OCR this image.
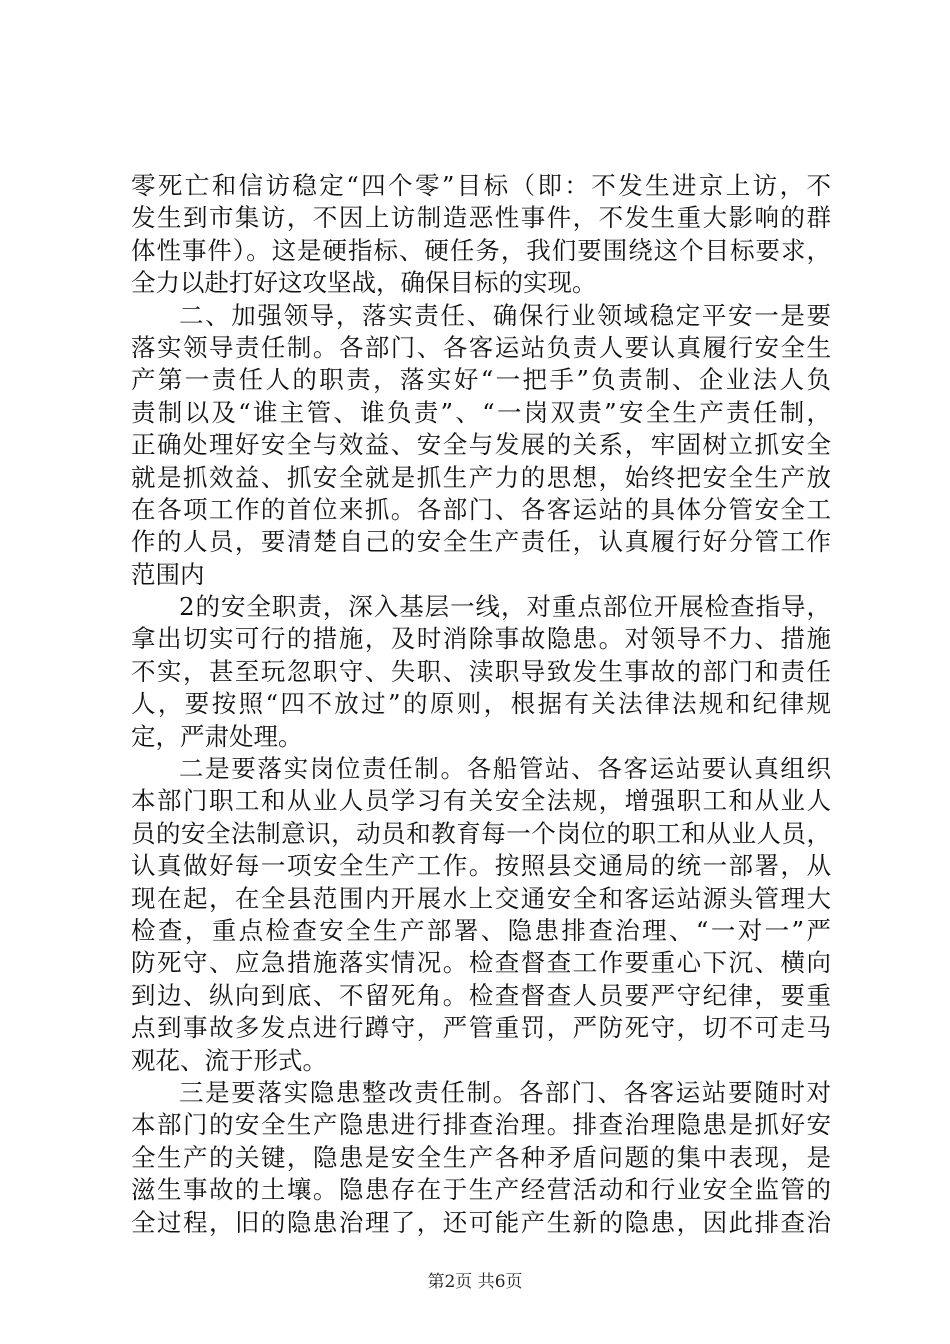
零死亡和信访稳定“四个零”目标（即：不发生进京上访，不
发生到市集访，不因上访制造恶性事件，不发生重大影响的群
体性事件）。这是硬指标、硬任务，我们要围绕这个目标要求，
全力以赴打好这攻坚战，确保目标的实现。
二、加强领导，落实责任、确保行业领域稳定平安一是要
落实领导责任制。各部门、各客运站负责人要认真履行安全生
产第一责任人的职责，落实好“一把手”负责制、企业法人负
责制以及“谁主管、谁负责”、“一岗双责”安全生产责任制，
正确处理好安全与效益、安全与发展的关系，牢固树立抓安全
就是抓效益、抓安全就是抓生产力的思想，始终把安全生产放
在各项工作的首位来抓。各部门、各客运站的具体分管安全工
作的人员，要清楚自己的安全生产责任，认真履行好分管工作
范围内
2的安全职责，深入基层一线，对重点部位开展检查指导，
拿出切实可行的措施，及时消除事故隐患。对领导不力、措施
不实，甚至玩忽职守、失职、渎职导致发生事故的部门和责任
人，要按照“四不放过”的原则，根据有关法律法规和纪律规
定，严肃处理。
二是要落实岗位责任制。各船管站、各客运站要认真组织
本部门职工和从业人员学习有关安全法规，增强职工和从业人
员的安全法制意识，动员和教育每一个岗位的职工和从业人员，
认真做好每一项安全生产工作。按照县交通局的统一部署，从
现在起，在全县范围内开展水上交通安全和客运站源头管理大
检查，重点检查安全生产部署、隐患排查治理、“一对一”严
防死守、应急措施落实情况。检查督查工作要重心下沉、横向
到边、纵向到底、不留死角。检查督查人员要严守纪律，要重
点到事故多发点进行蹲守，严管重罚，严防死守，切不可走马
观花、流于形式。
三是要落实隐患整改责任制。各部门、各客运站要随时对
本部门的安全生产隐患进行排查治理。排查治理隐患是抓好安
全生产的关键，隐患是安全生产各种矛盾问题的集中表现，是
滋生事故的土壤。隐患存在于生产经营活动和行业安全监管的
全过程，旧的隐患治理了，还可能产生新的隐患，因此排查治
第2页 共6页
